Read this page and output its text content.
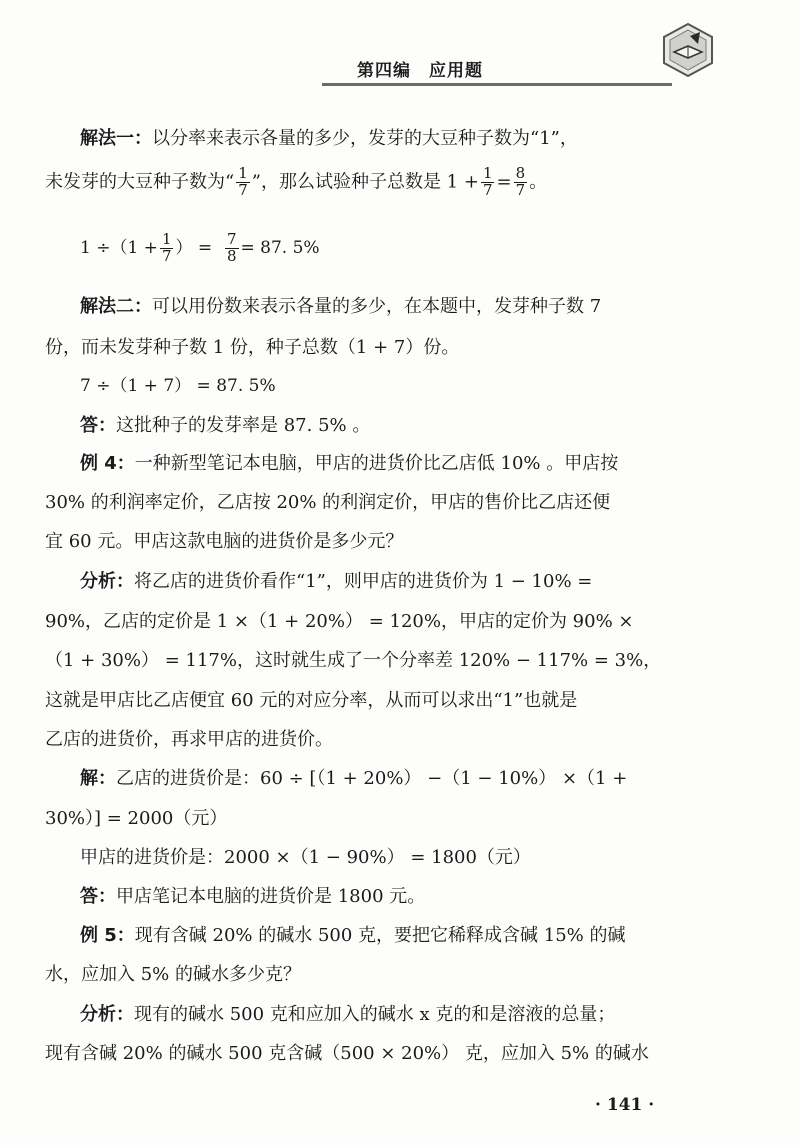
第四编　应用题
解法一：以分率来表示各量的多少，发芽的大豆种子数为“1”，
未发芽的大豆种子数为“ $\frac{1}{7}$ ”，那么试验种子总数是 $1 + \frac{1}{7} = \frac{8}{7}$ 。
$1 \div(1 + \frac{1}{7}$ ） = $\frac{7}{8} = 87$. 5%
解法二：可以用份数来表示各量的多少，在本题中，发芽种子数 7
份，而未发芽种子数 1 份，种子总数（1 + 7）份。
7 ÷（1 + 7） = 87. 5%
答：这批种子的发芽率是 87. 5% 。
例 4：一种新型笔记本电脑，甲店的进货价比乙店低 10% 。甲店按
30% 的利润率定价，乙店按 20% 的利润定价，甲店的售价比乙店还便
宜 60 元。甲店这款电脑的进货价是多少元？
分析：将乙店的进货价看作“1”，则甲店的进货价为 1 − 10% =
90%，乙店的定价是 1 ×（1 + 20%） = 120%，甲店的定价为 90% ×
（1 + 30%） = 117%，这时就生成了一个分率差 120% − 117% = 3%，
这就是甲店比乙店便宜 60 元的对应分率，从而可以求出“1”也就是
乙店的进货价，再求甲店的进货价。
解：乙店的进货价是：60 ÷ [（1 + 20%） −（1 − 10%） ×（1 +
30%）] = 2000（元）
甲店的进货价是：2000 ×（1 − 90%） = 1800（元）
答：甲店笔记本电脑的进货价是 1800 元。
例 5：现有含碱 20% 的碱水 500 克，要把它稀释成含碱 15% 的碱
水，应加入 5% 的碱水多少克？
分析：现有的碱水 500 克和应加入的碱水 x 克的和是溶液的总量；
现有含碱 20% 的碱水 500 克含碱（500 × 20%） 克，应加入 5% 的碱水
· 141 ·
